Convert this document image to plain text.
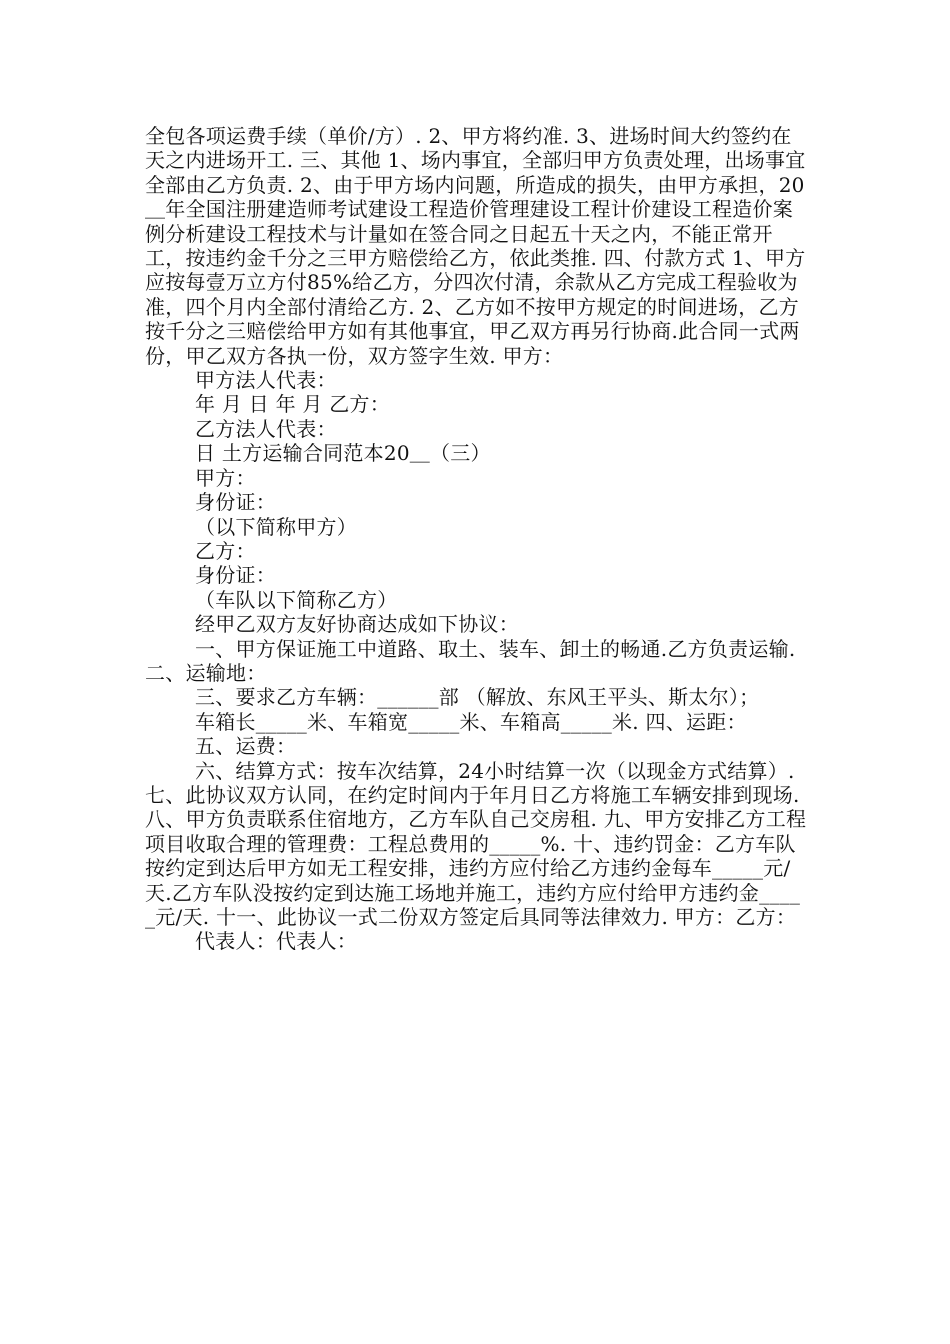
全包各项运费手续（单价/方）. 2、甲方将约准. 3、进场时间大约签约在天之内进场开工. 三、其他 1、场内事宜，全部归甲方负责处理，出场事宜全部由乙方负责. 2、由于甲方场内问题，所造成的损失，由甲方承担，20＿年全国注册建造师考试建设工程造价管理建设工程计价建设工程造价案例分析建设工程技术与计量如在签合同之日起五十天之内，不能正常开工，按违约金千分之三甲方赔偿给乙方，依此类推. 四、付款方式 1、甲方应按每壹万立方付85%给乙方，分四次付清，余款从乙方完成工程验收为准，四个月内全部付清给乙方. 2、乙方如不按甲方规定的时间进场，乙方按千分之三赔偿给甲方如有其他事宜，甲乙双方再另行协商.此合同一式两份，甲乙双方各执一份，双方签字生效. 甲方：

甲方法人代表：

年 月 日 年 月 乙方：

乙方法人代表：

日 土方运输合同范本20＿（三）

甲方：

身份证：

（以下简称甲方）

乙方：

身份证：

（车队以下简称乙方）

经甲乙双方友好协商达成如下协议：

一、甲方保证施工中道路、取土、装车、卸土的畅通.乙方负责运输. 二、运输地：

三、要求乙方车辆：______部 （解放、东风王平头、斯太尔）；

车箱长_____米、车箱宽_____米、车箱高_____米. 四、运距：

五、运费：

六、结算方式：按车次结算，24小时结算一次（以现金方式结算）. 七、此协议双方认同，在约定时间内于年月日乙方将施工车辆安排到现场. 八、甲方负责联系住宿地方，乙方车队自己交房租. 九、甲方安排乙方工程项目收取合理的管理费：工程总费用的_____%. 十、违约罚金：乙方车队按约定到达后甲方如无工程安排，违约方应付给乙方违约金每车_____元/天.乙方车队没按约定到达施工场地并施工，违约方应付给甲方违约金_____元/天. 十一、此协议一式二份双方签定后具同等法律效力. 甲方：乙方：

代表人：代表人：
